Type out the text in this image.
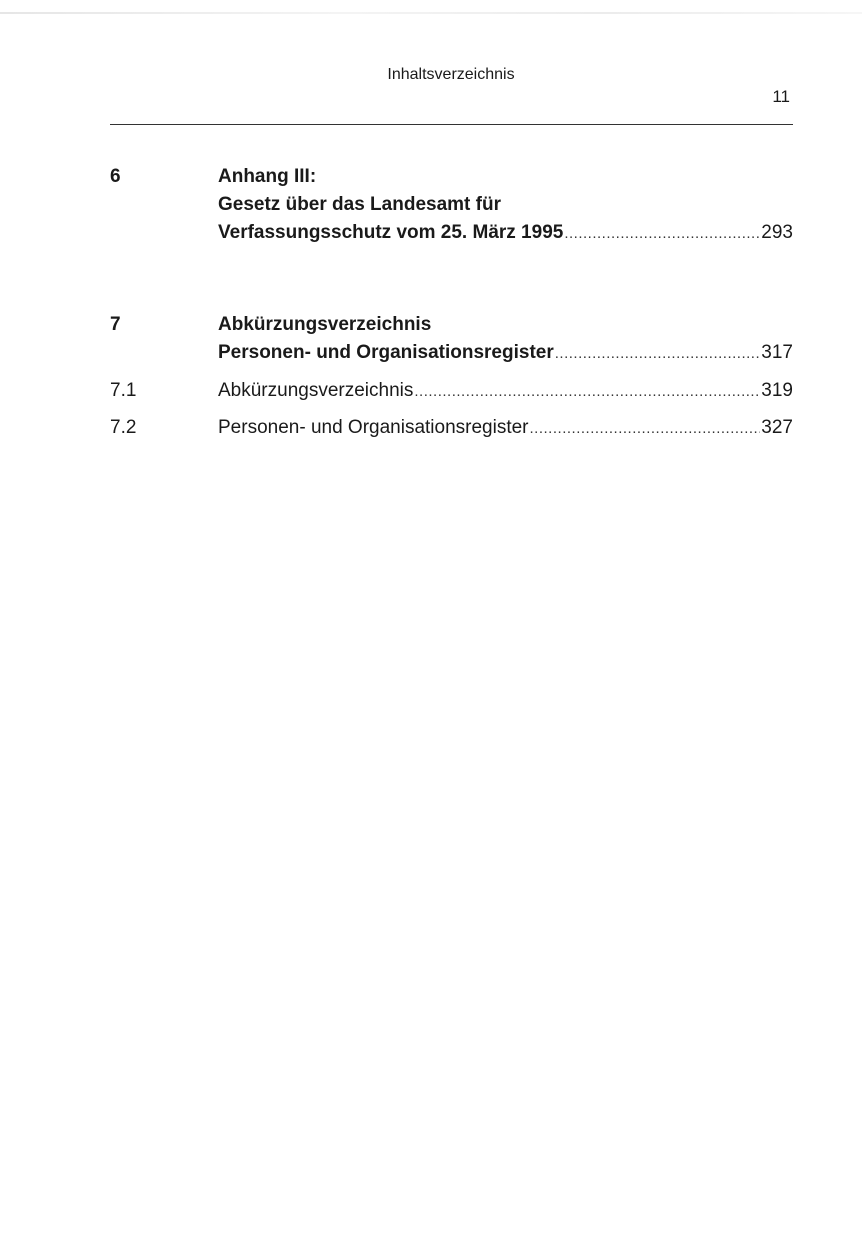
Inhaltsverzeichnis
11
6	Anhang III:
Gesetz über das Landesamt für
Verfassungsschutz vom 25. März 1995 .....	293
7	Abkürzungsverzeichnis
Personen- und Organisationsregister .....	317
7.1	Abkürzungsverzeichnis .....	319
7.2	Personen- und Organisationsregister .....	327
